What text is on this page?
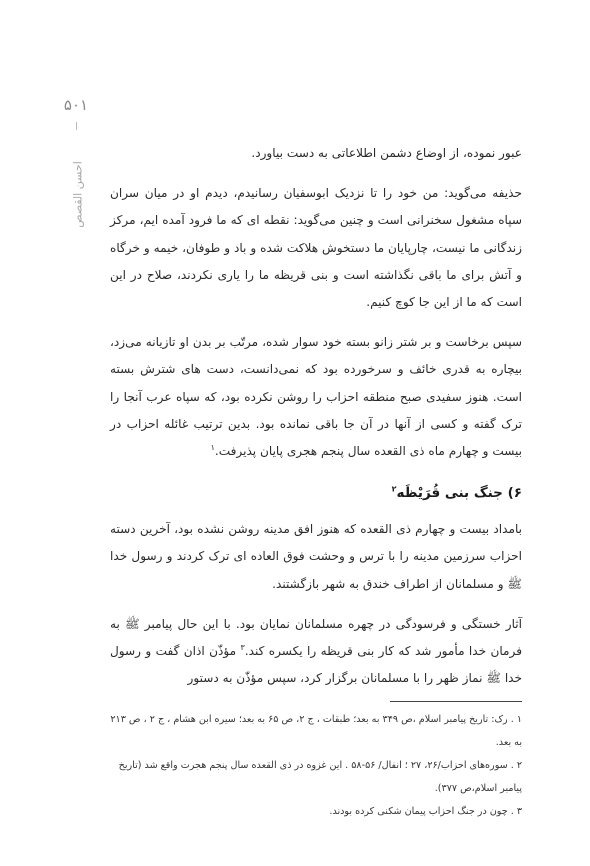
۵۰۱
احسن القصص

عبور نموده، از اوضاع دشمن اطلاعاتی به دست بیاورد.

حذیفه می‌گوید: من خود را تا نزدیک ابوسفیان رسانیدم، دیدم او در میان سران سپاه مشغول سخنرانی است و چنین می‌گوید: نقطه ای که ما فرود آمده ایم، مرکز زندگانی ما نیست، چارپایان ما دستخوش هلاکت شده و باد و طوفان، خیمه و خرگاه و آتش برای ما باقی نگذاشته است و بنی قریظه ما را یاری نکردند، صلاح در این است که ما از این جا کوچ کنیم.

سپس برخاست و بر شتر زانو بسته خود سوار شده، مرتّب بر بدن او تازیانه می‌زد، بیچاره به قدری خائف و سرخورده بود که نمی‌دانست، دست های شترش بسته است. هنوز سفیدی صبح منطقه احزاب را روشن نکرده بود، که سپاه عرب آنجا را ترک گفته و کسی از آنها در آن جا باقی نمانده بود. بدین ترتیب غائله احزاب در بیست و چهارم ماه ذی القعده سال پنجم هجری پایان پذیرفت.$^۱$

۶) جنگ بنی قُرَیْظَه$^۲$

بامداد بیست و چهارم ذی القعده که هنوز افق مدینه روشن نشده بود، آخرین دسته احزاب سرزمین مدینه را با ترس و وحشت فوق العاده ای ترک کردند و رسول خدا ﷺ و مسلمانان از اطراف خندق به شهر بازگشتند.

آثار خستگی و فرسودگی در چهره مسلمانان نمایان بود. با این حال پیامبر ﷺ به فرمان خدا مأمور شد که کار بنی قریظه را یکسره کند.$^۳$ مؤذّن اذان گفت و رسول خدا ﷺ نماز ظهر را با مسلمانان برگزار کرد، سپس مؤذّن به دستور

۱ . رک: تاریخ پیامبر اسلام ،ص ۳۴۹ به بعد؛ طبقات ، ج ۲، ص ۶۵ به بعد؛ سیره ابن هشام ، ج ۲ ، ص ۲۱۳ به بعد.

۲ . سوره‌های احزاب/۲۶، ۲۷ ؛ انفال/ ۵۶-۵۸ . این غزوه در ذی القعده سال پنجم هجرت واقع شد (تاریخ پیامبر اسلام،ص ۳۷۷).

۳ . چون در جنگ احزاب پیمان شکنی کرده بودند.
